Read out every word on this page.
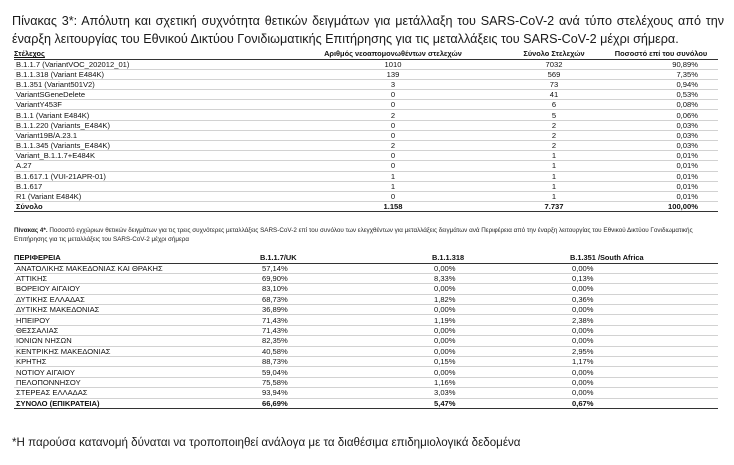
Πίνακας 3*: Απόλυτη και σχετική συχνότητα θετικών δειγμάτων για μετάλλαξη του SARS-CoV-2 ανά τύπο στελέχους από την έναρξη λειτουργίας του Εθνικού Δικτύου Γονιδιωματικής Επιτήρησης για τις μεταλλάξεις του SARS-CoV-2 μέχρι σήμερα.
Στέλεχος	Αριθμός νεοαπομονωθέντων στελεχών	Σύνολο Στελεχών	Ποσοστό επί του συνόλου
B.1.1.7 (VariantVOC_202012_01)	1010	7032	90,89%
B.1.1.318 (Variant E484K)	139	569	7,35%
B.1.351 (Variant501V2)	3	73	0,94%
VariantSGeneDelete	0	41	0,53%
VariantY453F	0	6	0,08%
B.1.1 (Variant E484K)	2	5	0,06%
B.1.1.220 (Variants_E484K)	0	2	0,03%
Variant19B/A.23.1	0	2	0,03%
B.1.1.345 (Variants_E484K)	2	2	0,03%
Variant_B.1.1.7+E484K	0	1	0,01%
A.27	0	1	0,01%
B.1.617.1 (VUI-21APR-01)	1	1	0,01%
B.1.617	1	1	0,01%
R1 (Variant E484K)	0	1	0,01%
Σύνολο	1.158	7.737	100,00%
Πίνακας 4*. Ποσοστό εγχώριων θετικών δειγμάτων για τις τρεις συχνότερες μεταλλάξεις SARS-CoV-2 επί του συνόλου των ελεγχθέντων για μεταλλάξεις δειγμάτων ανά Περιφέρεια από την έναρξη λειτουργίας του Εθνικού Δικτύου Γονιδιωματικής Επιτήρησης για τις μεταλλάξεις του SARS-CoV-2 μέχρι σήμερα
ΠΕΡΙΦΕΡΕΙΑ	B.1.1.7/UK	B.1.1.318	B.1.351 /South Africa
ΑΝΑΤΟΛΙΚΗΣ ΜΑΚΕΔΟΝΙΑΣ ΚΑΙ ΘΡΑΚΗΣ	57,14%	0,00%	0,00%
ΑΤΤΙΚΗΣ	69,90%	8,33%	0,13%
ΒΟΡΕΙΟΥ ΑΙΓΑΙΟΥ	83,10%	0,00%	0,00%
ΔΥΤΙΚΗΣ ΕΛΛΑΔΑΣ	68,73%	1,82%	0,36%
ΔΥΤΙΚΗΣ ΜΑΚΕΔΟΝΙΑΣ	36,89%	0,00%	0,00%
ΗΠΕΙΡΟΥ	71,43%	1,19%	2,38%
ΘΕΣΣΑΛΙΑΣ	71,43%	0,00%	0,00%
ΙΟΝΙΩΝ ΝΗΣΩΝ	82,35%	0,00%	0,00%
ΚΕΝΤΡΙΚΗΣ ΜΑΚΕΔΟΝΙΑΣ	40,58%	0,00%	2,95%
ΚΡΗΤΗΣ	88,73%	0,15%	1,17%
ΝΟΤΙΟΥ ΑΙΓΑΙΟΥ	59,04%	0,00%	0,00%
ΠΕΛΟΠΟΝΝΗΣΟΥ	75,58%	1,16%	0,00%
ΣΤΕΡΕΑΣ ΕΛΛΑΔΑΣ	93,94%	3,03%	0,00%
ΣΥΝΟΛΟ (ΕΠΙΚΡΑΤΕΙΑ)	66,69%	5,47%	0,67%
*Η παρούσα κατανομή δύναται να τροποποιηθεί ανάλογα με τα διαθέσιμα επιδημιολογικά δεδομένα
